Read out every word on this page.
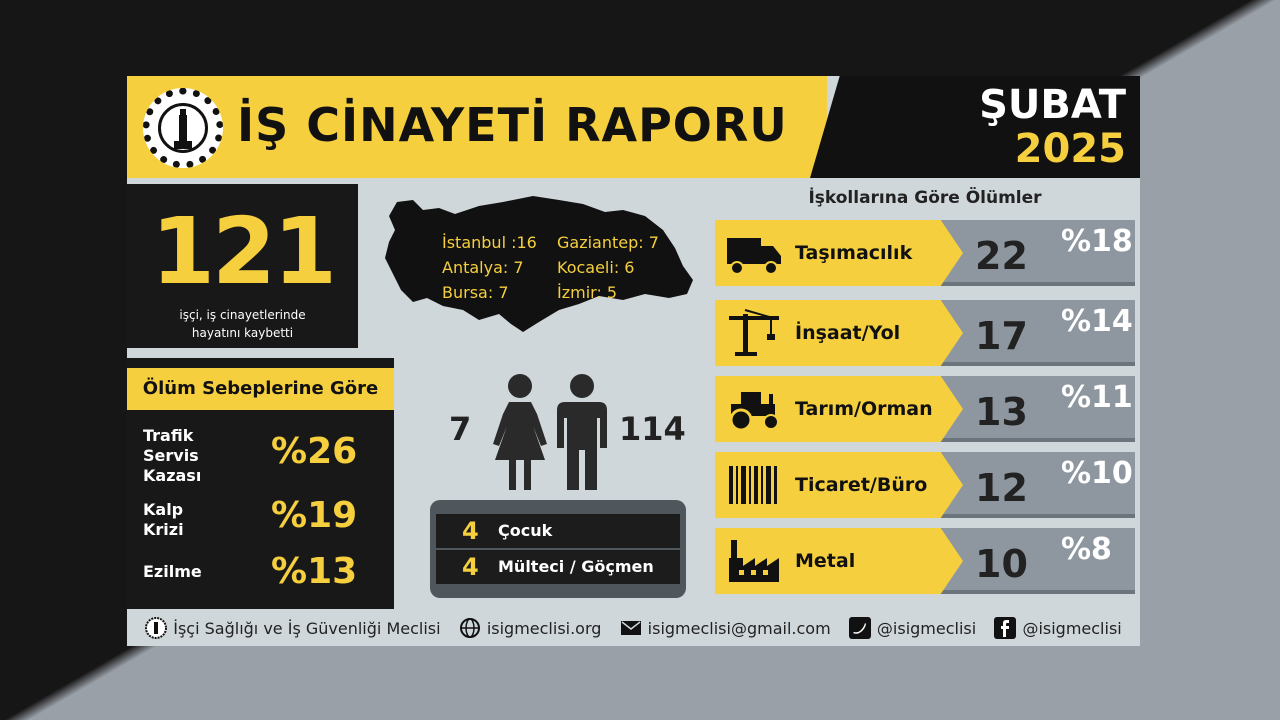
İŞ CİNAYETİ RAPORU	ŞUBAT
2025
121
işçi, iş cinayetlerinde
hayatını kaybetti
Ölüm Sebeplerine Göre
Trafik
Servis
Kazası
%26
Kalp
Krizi	%19
Ezilme	%13
İstanbul :16 Gaziantep: 7
Antalya: 7 Kocaeli: 6
Bursa: 7	İzmir: 5
7	114
4 Çocuk
4 Mülteci / Göçmen
İşkollarına Göre Ölümler
Taşımacılık 22 %18
İnşaat/Yol 17 %14
Tarım/Orman 13 %11
Ticaret/Büro 12 %10
Metal	10 %8
İşçi Sağlığı ve İş Güvenliği Meclisi	isigmeclisi.org	isigmeclisi@gmail.com	@isigmeclisi	@isigmeclisi
